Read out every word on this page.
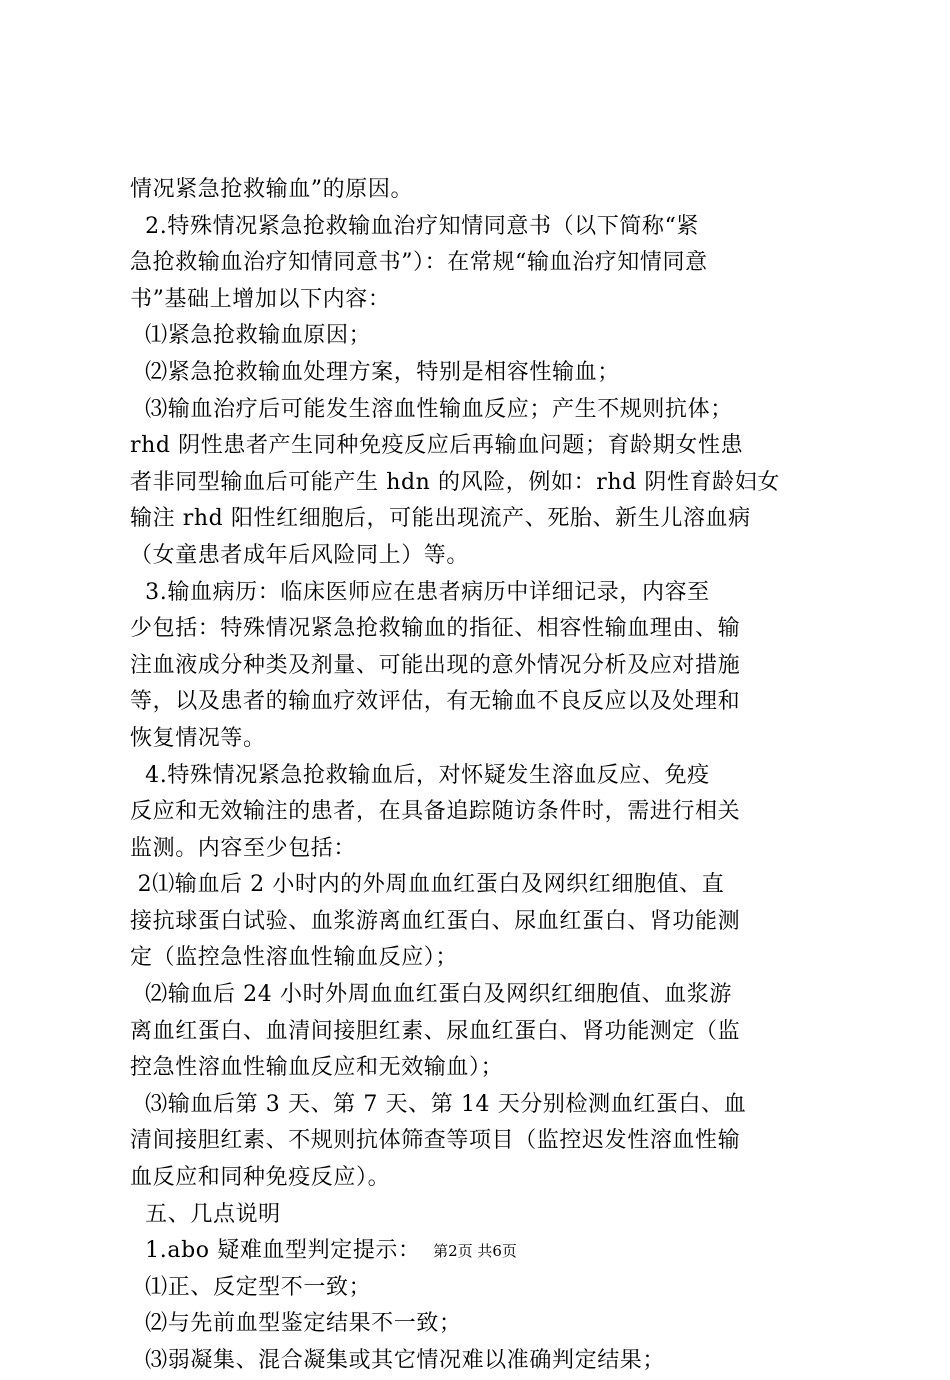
情况紧急抢救输血”的原因。
2.特殊情况紧急抢救输血治疗知情同意书（以下简称“紧
急抢救输血治疗知情同意书”）：在常规“输血治疗知情同意
书”基础上增加以下内容：
⑴紧急抢救输血原因；
⑵紧急抢救输血处理方案，特别是相容性输血；
⑶输血治疗后可能发生溶血性输血反应；产生不规则抗体；
rhd 阴性患者产生同种免疫反应后再输血问题；育龄期女性患
者非同型输血后可能产生 hdn 的风险，例如：rhd 阴性育龄妇女
输注 rhd 阳性红细胞后，可能出现流产、死胎、新生儿溶血病
（女童患者成年后风险同上）等。
3.输血病历：临床医师应在患者病历中详细记录，内容至
少包括：特殊情况紧急抢救输血的指征、相容性输血理由、输
注血液成分种类及剂量、可能出现的意外情况分析及应对措施
等，以及患者的输血疗效评估，有无输血不良反应以及处理和
恢复情况等。
4.特殊情况紧急抢救输血后，对怀疑发生溶血反应、免疫
反应和无效输注的患者，在具备追踪随访条件时，需进行相关
监测。内容至少包括：
2⑴输血后 2 小时内的外周血血红蛋白及网织红细胞值、直
接抗球蛋白试验、血浆游离血红蛋白、尿血红蛋白、肾功能测
定（监控急性溶血性输血反应）；
⑵输血后 24 小时外周血血红蛋白及网织红细胞值、血浆游
离血红蛋白、血清间接胆红素、尿血红蛋白、肾功能测定（监
控急性溶血性输血反应和无效输血）；
⑶输血后第 3 天、第 7 天、第 14 天分别检测血红蛋白、血
清间接胆红素、不规则抗体筛查等项目（监控迟发性溶血性输
血反应和同种免疫反应）。
五、几点说明
1.abo 疑难血型判定提示：
⑴正、反定型不一致；
⑵与先前血型鉴定结果不一致；
⑶弱凝集、混合凝集或其它情况难以准确判定结果；
第2页 共6页
